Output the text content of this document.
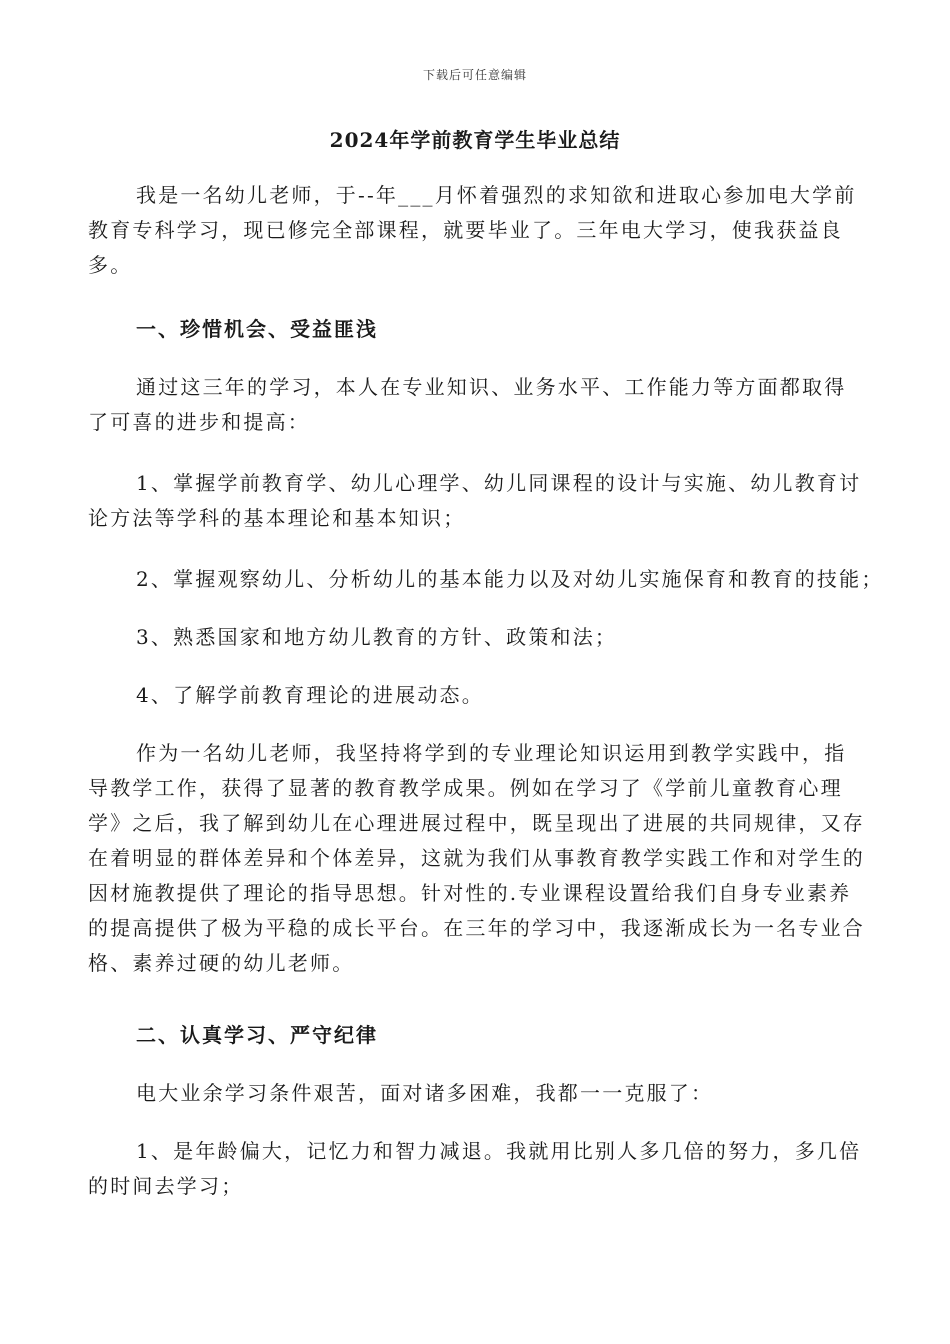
下载后可任意编辑
2024年学前教育学生毕业总结

我是一名幼儿老师，于--年___月怀着强烈的求知欲和进取心参加电大学前教育专科学习，现已修完全部课程，就要毕业了。三年电大学习，使我获益良多。

一、珍惜机会、受益匪浅

通过这三年的学习，本人在专业知识、业务水平、工作能力等方面都取得了可喜的进步和提高：

1、掌握学前教育学、幼儿心理学、幼儿同课程的设计与实施、幼儿教育讨论方法等学科的基本理论和基本知识；

2、掌握观察幼儿、分析幼儿的基本能力以及对幼儿实施保育和教育的技能；

3、熟悉国家和地方幼儿教育的方针、政策和法；

4、了解学前教育理论的进展动态。

作为一名幼儿老师，我坚持将学到的专业理论知识运用到教学实践中，指导教学工作，获得了显著的教育教学成果。例如在学习了《学前儿童教育心理学》之后，我了解到幼儿在心理进展过程中，既呈现出了进展的共同规律，又存在着明显的群体差异和个体差异，这就为我们从事教育教学实践工作和对学生的因材施教提供了理论的指导思想。针对性的.专业课程设置给我们自身专业素养的提高提供了极为平稳的成长平台。在三年的学习中，我逐渐成长为一名专业合格、素养过硬的幼儿老师。

二、认真学习、严守纪律

电大业余学习条件艰苦，面对诸多困难，我都一一克服了：

1、是年龄偏大，记忆力和智力减退。我就用比别人多几倍的努力，多几倍的时间去学习；
